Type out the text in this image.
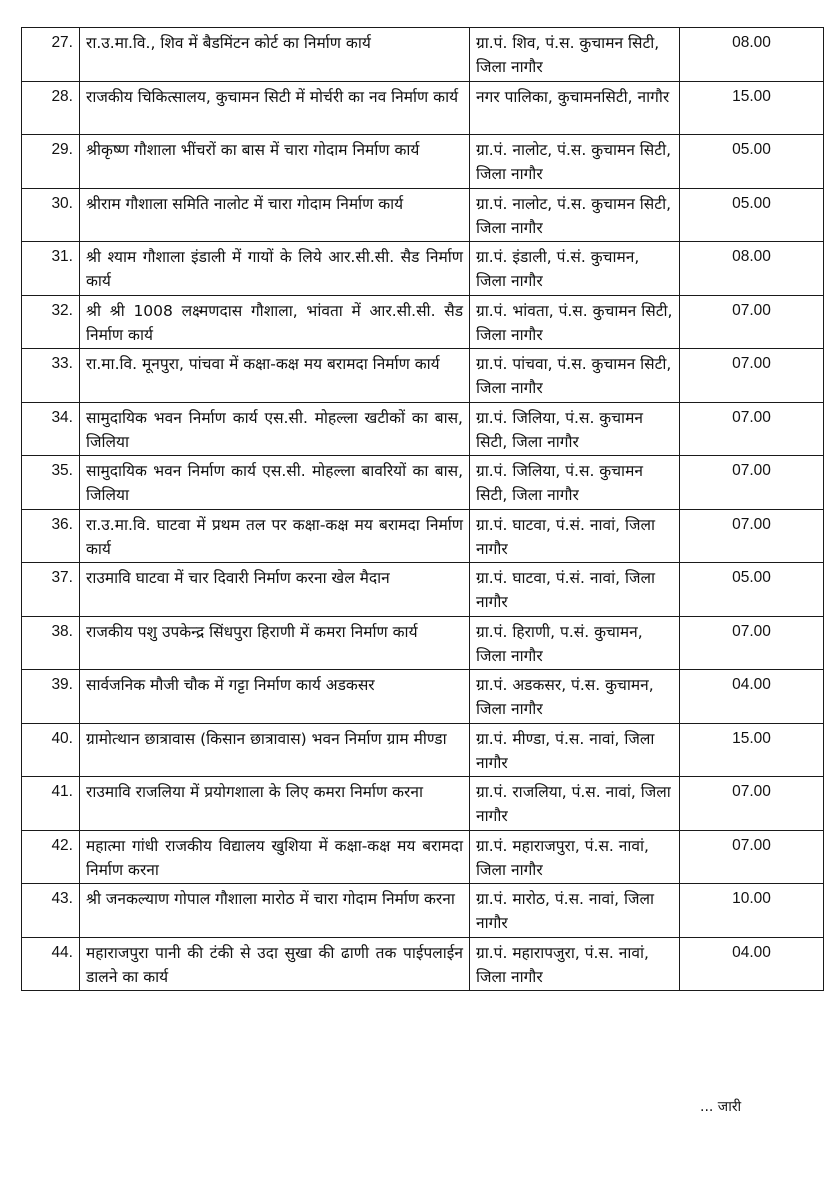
27.	रा.उ.मा.वि., शिव में बैडमिंटन कोर्ट का निर्माण कार्य	ग्रा.पं. शिव, पं.स. कुचामन सिटी, जिला नागौर	08.00
28.	राजकीय चिकित्सालय, कुचामन सिटी में मोर्चरी का नव निर्माण कार्य	नगर पालिका, कुचामनसिटी, नागौर	15.00
29.	श्रीकृष्ण गौशाला भींचरों का बास में चारा गोदाम निर्माण कार्य	ग्रा.पं. नालोट, पं.स. कुचामन सिटी, जिला नागौर	05.00
30.	श्रीराम गौशाला समिति नालोट में चारा गोदाम निर्माण कार्य	ग्रा.पं. नालोट, पं.स. कुचामन सिटी, जिला नागौर	05.00
31.	श्री श्याम गौशाला इंडाली में गायों के लिये आर.सी.सी. सैड निर्माण कार्य	ग्रा.पं. इंडाली, पं.सं. कुचामन, जिला नागौर	08.00
32.	श्री श्री 1008 लक्ष्मणदास गौशाला, भांवता में आर.सी.सी. सैड निर्माण कार्य	ग्रा.पं. भांवता, पं.स. कुचामन सिटी, जिला नागौर	07.00
33.	रा.मा.वि. मूनपुरा, पांचवा में कक्षा-कक्ष मय बरामदा निर्माण कार्य	ग्रा.पं. पांचवा, पं.स. कुचामन सिटी, जिला नागौर	07.00
34.	सामुदायिक भवन निर्माण कार्य एस.सी. मोहल्ला खटीकों का बास, जिलिया	ग्रा.पं. जिलिया, पं.स. कुचामन सिटी, जिला नागौर	07.00
35.	सामुदायिक भवन निर्माण कार्य एस.सी. मोहल्ला बावरियों का बास, जिलिया	ग्रा.पं. जिलिया, पं.स. कुचामन सिटी, जिला नागौर	07.00
36.	रा.उ.मा.वि. घाटवा में प्रथम तल पर कक्षा-कक्ष मय बरामदा निर्माण कार्य	ग्रा.पं. घाटवा, पं.सं. नावां, जिला नागौर	07.00
37.	राउमावि घाटवा में चार दिवारी निर्माण करना खेल मैदान	ग्रा.पं. घाटवा, पं.सं. नावां, जिला नागौर	05.00
38.	राजकीय पशु उपकेन्द्र सिंधपुरा हिराणी में कमरा निर्माण कार्य	ग्रा.पं. हिराणी, प.सं. कुचामन, जिला नागौर	07.00
39.	सार्वजनिक मौजी चौक में गट्टा निर्माण कार्य अडकसर	ग्रा.पं. अडकसर, पं.स. कुचामन, जिला नागौर	04.00
40.	ग्रामोत्थान छात्रावास (किसान छात्रावास) भवन निर्माण ग्राम मीण्डा	ग्रा.पं. मीण्डा, पं.स. नावां, जिला नागौर	15.00
41.	राउमावि राजलिया में प्रयोगशाला के लिए कमरा निर्माण करना	ग्रा.पं. राजलिया, पं.स. नावां, जिला नागौर	07.00
42.	महात्मा गांधी राजकीय विद्यालय खुशिया में कक्षा-कक्ष मय बरामदा निर्माण करना	ग्रा.पं. महाराजपुरा, पं.स. नावां, जिला नागौर	07.00
43.	श्री जनकल्याण गोपाल गौशाला मारोठ में चारा गोदाम निर्माण करना	ग्रा.पं. मारोठ, पं.स. नावां, जिला नागौर	10.00
44.	महाराजपुरा पानी की टंकी से उदा सुखा की ढाणी तक पाईपलाईन डालने का कार्य	ग्रा.पं. महारापजुरा, पं.स. नावां, जिला नागौर	04.00
... जारी
